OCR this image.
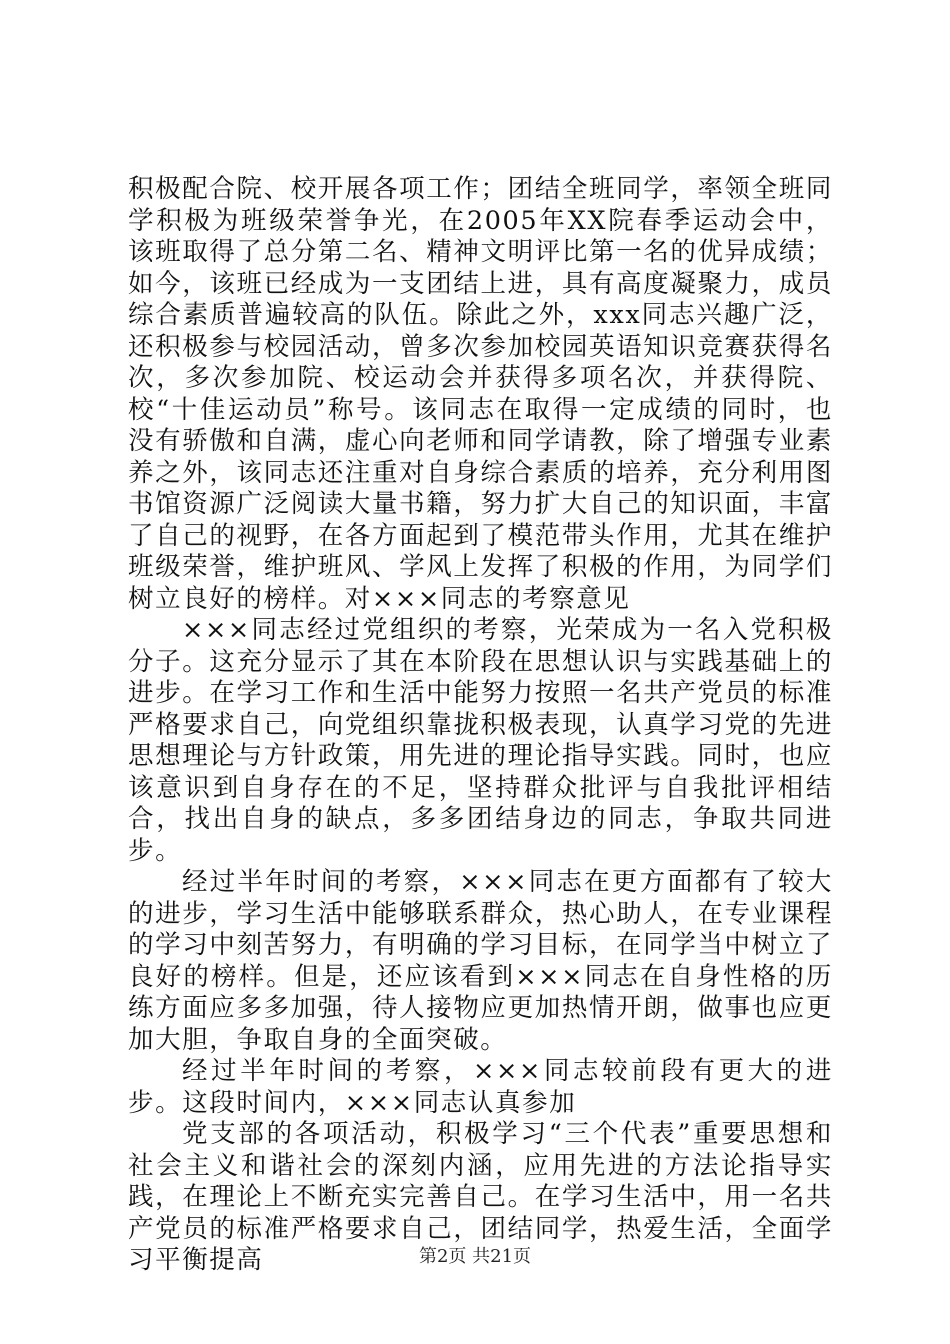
积极配合院、校开展各项工作；团结全班同学，率领全班同学积极为班级荣誉争光，在2005年XX院春季运动会中，该班取得了总分第二名、精神文明评比第一名的优异成绩；如今，该班已经成为一支团结上进，具有高度凝聚力，成员综合素质普遍较高的队伍。除此之外，xxx同志兴趣广泛，还积极参与校园活动，曾多次参加校园英语知识竞赛获得名次，多次参加院、校运动会并获得多项名次，并获得院、校“十佳运动员”称号。该同志在取得一定成绩的同时，也没有骄傲和自满，虚心向老师和同学请教，除了增强专业素养之外，该同志还注重对自身综合素质的培养，充分利用图书馆资源广泛阅读大量书籍，努力扩大自己的知识面，丰富了自己的视野，在各方面起到了模范带头作用，尤其在维护班级荣誉，维护班风、学风上发挥了积极的作用，为同学们树立良好的榜样。对×××同志的考察意见

×××同志经过党组织的考察，光荣成为一名入党积极分子。这充分显示了其在本阶段在思想认识与实践基础上的进步。在学习工作和生活中能努力按照一名共产党员的标准严格要求自己，向党组织靠拢积极表现，认真学习党的先进思想理论与方针政策，用先进的理论指导实践。同时，也应该意识到自身存在的不足，坚持群众批评与自我批评相结合，找出自身的缺点，多多团结身边的同志，争取共同进步。

经过半年时间的考察，×××同志在更方面都有了较大的进步，学习生活中能够联系群众，热心助人，在专业课程的学习中刻苦努力，有明确的学习目标，在同学当中树立了良好的榜样。但是，还应该看到×××同志在自身性格的历练方面应多多加强，待人接物应更加热情开朗，做事也应更加大胆，争取自身的全面突破。

经过半年时间的考察，×××同志较前段有更大的进步。这段时间内，×××同志认真参加

党支部的各项活动，积极学习“三个代表”重要思想和社会主义和谐社会的深刻内涵，应用先进的方法论指导实践，在理论上不断充实完善自己。在学习生活中，用一名共产党员的标准严格要求自己，团结同学，热爱生活，全面学习平衡提高	第2页 共21页
